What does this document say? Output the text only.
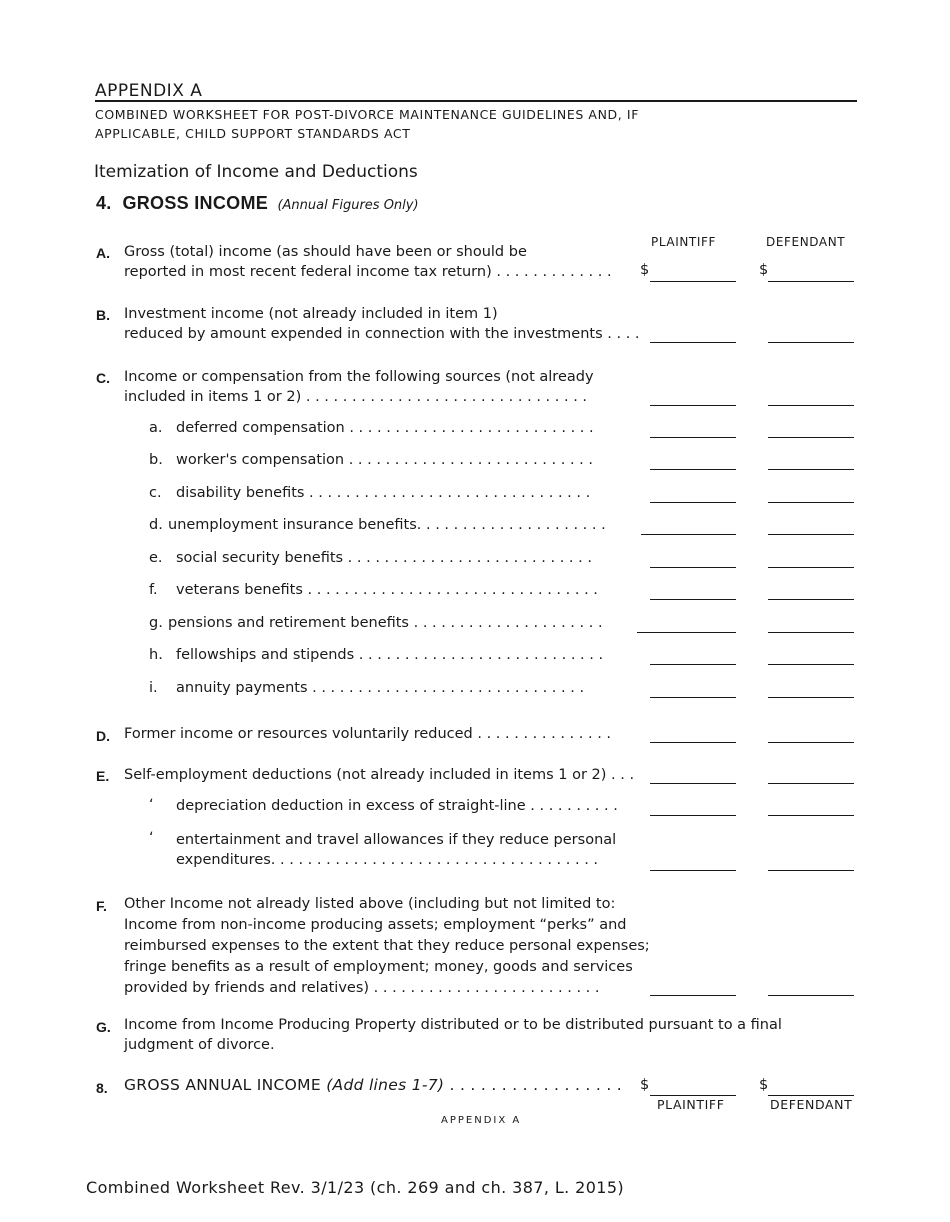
APPENDIX A
COMBINED WORKSHEET FOR POST-DIVORCE MAINTENANCE GUIDELINES AND, IF
APPLICABLE, CHILD SUPPORT STANDARDS ACT
Itemization of Income and Deductions
4. GROSS INCOME (Annual Figures Only)
PLAINTIFF	DEFENDANT
A. Gross (total) income (as should have been or should be
reported in most recent federal income tax return) . . . . . . . . . . . . . $	$
B. Investment income (not already included in item 1)
reduced by amount expended in connection with the investments . . . .
C. Income or compensation from the following sources (not already
included in items 1 or 2) . . . . . . . . . . . . . . . . . . . . . . . . . . . . . . .
a. deferred compensation . . . . . . . . . . . . . . . . . . . . . . . . . . .
b. worker's compensation . . . . . . . . . . . . . . . . . . . . . . . . . . .
c. disability benefits . . . . . . . . . . . . . . . . . . . . . . . . . . . . . . .
d. unemployment insurance benefits. . . . . . . . . . . . . . . . . . . . .
e. social security benefits . . . . . . . . . . . . . . . . . . . . . . . . . . .
f. veterans benefits . . . . . . . . . . . . . . . . . . . . . . . . . . . . . . . .
g. pensions and retirement benefits . . . . . . . . . . . . . . . . . . . . .
h. fellowships and stipends . . . . . . . . . . . . . . . . . . . . . . . . . . .
i. annuity payments . . . . . . . . . . . . . . . . . . . . . . . . . . . . . .
D. Former income or resources voluntarily reduced . . . . . . . . . . . . . . .
E. Self-employment deductions (not already included in items 1 or 2) . . .
‘ depreciation deduction in excess of straight-line . . . . . . . . . .
‘ entertainment and travel allowances if they reduce personal
expenditures. . . . . . . . . . . . . . . . . . . . . . . . . . . . . . . . . . . .
F. Other Income not already listed above (including but not limited to:
Income from non-income producing assets; employment “perks” and
reimbursed expenses to the extent that they reduce personal expenses;
fringe benefits as a result of employment; money, goods and services
provided by friends and relatives) . . . . . . . . . . . . . . . . . . . . . . . . .
G. Income from Income Producing Property distributed or to be distributed pursuant to a final
judgment of divorce.
8. GROSS ANNUAL INCOME (Add lines 1-7) . . . . . . . . . . . . . . . . . $	$
PLAINTIFF	DEFENDANT
APPENDIX A
Combined Worksheet Rev. 3/1/23 (ch. 269 and ch. 387, L. 2015)
